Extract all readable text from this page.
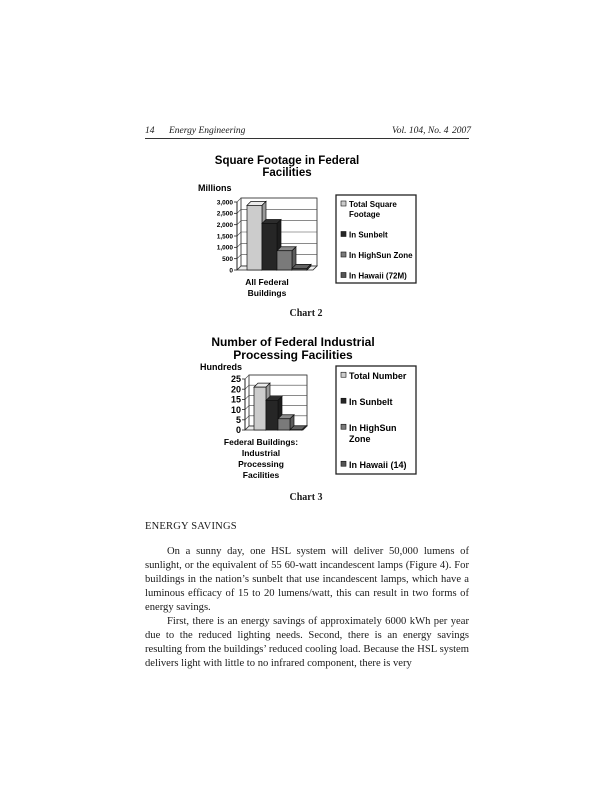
14 Energy Engineering	Vol. 104, No. 4 2007
Square Footage in Federal
Facilities
Millions
0
500
1,000
1,500
2,000
2,500
3,000
All Federal
Buildings
Total Square
Footage
In Sunbelt
In HighSun Zone
In Hawaii (72M)
Chart 2
Number of Federal Industrial
Processing Facilities
Hundreds
0
5
10
15
20
25
Federal Buildings:
Industrial
Processing
Facilities
Total Number
In Sunbelt
In HighSun
Zone
In Hawaii (14)
Chart 3
ENERGY SAVINGS

On a sunny day, one HSL system will deliver 50,000 lumens of sunlight, or the equivalent of 55 60-watt incandescent lamps (Figure 4). For buildings in the nation’s sunbelt that use incandescent lamps, which have a luminous efficacy of 15 to 20 lumens/watt, this can result in two forms of energy savings.

First, there is an energy savings of approximately 6000 kWh per year due to the reduced lighting needs. Second, there is an energy savings resulting from the buildings’ reduced cooling load. Because the HSL system delivers light with little to no infrared component, there is very
